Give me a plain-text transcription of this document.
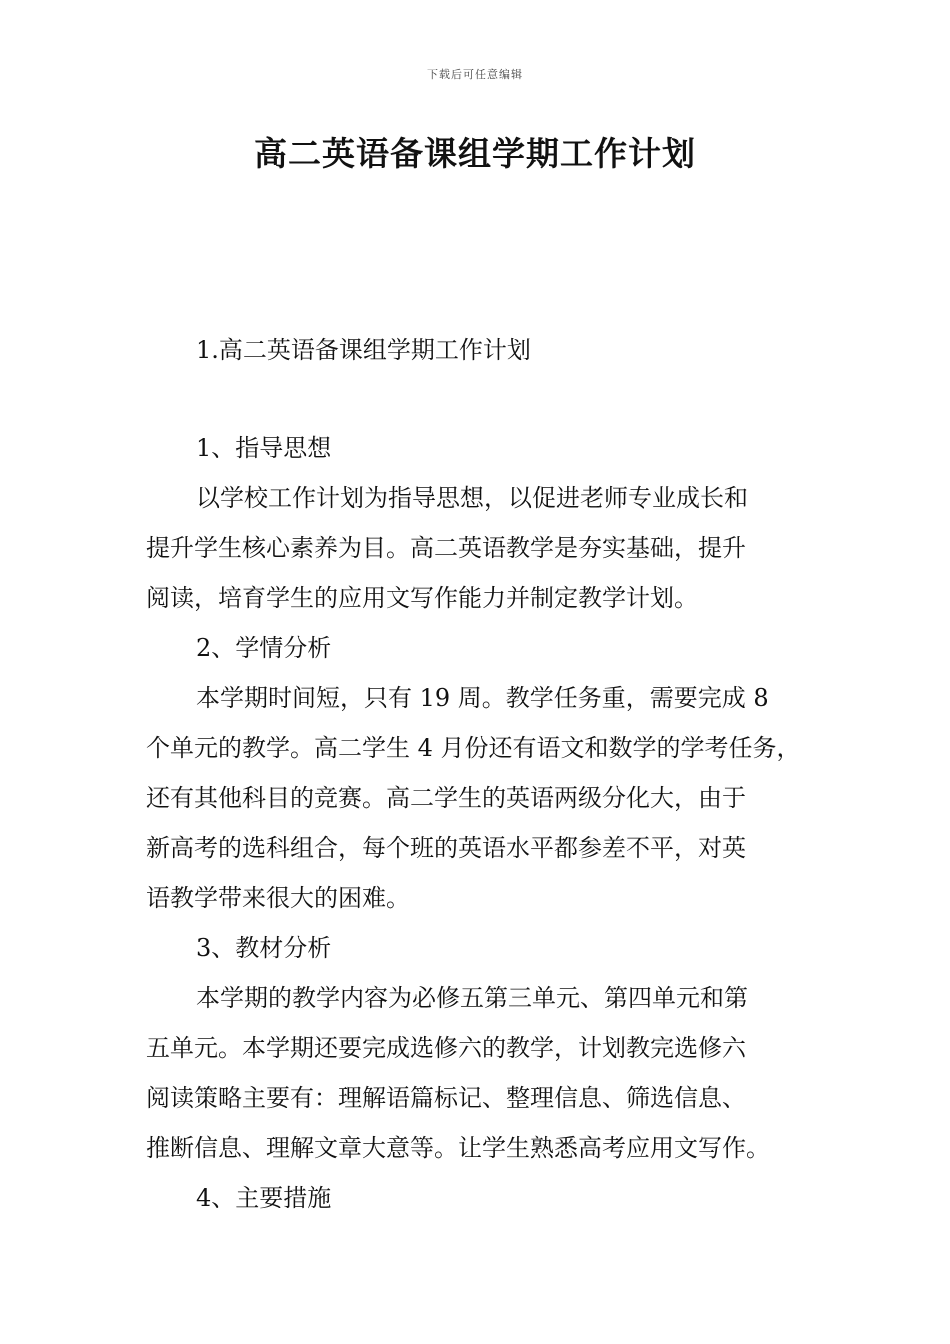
下载后可任意编辑
高二英语备课组学期工作计划
1.高二英语备课组学期工作计划
1、指导思想
以学校工作计划为指导思想，以促进老师专业成长和
提升学生核心素养为目。高二英语教学是夯实基础，提升
阅读，培育学生的应用文写作能力并制定教学计划。
2、学情分析
本学期时间短，只有 19 周。教学任务重，需要完成 8
个单元的教学。高二学生 4 月份还有语文和数学的学考任务，
还有其他科目的竞赛。高二学生的英语两级分化大，由于
新高考的选科组合，每个班的英语水平都参差不平，对英
语教学带来很大的困难。
3、教材分析
本学期的教学内容为必修五第三单元、第四单元和第
五单元。本学期还要完成选修六的教学，计划教完选修六
阅读策略主要有：理解语篇标记、整理信息、筛选信息、
推断信息、理解文章大意等。让学生熟悉高考应用文写作。
4、主要措施
